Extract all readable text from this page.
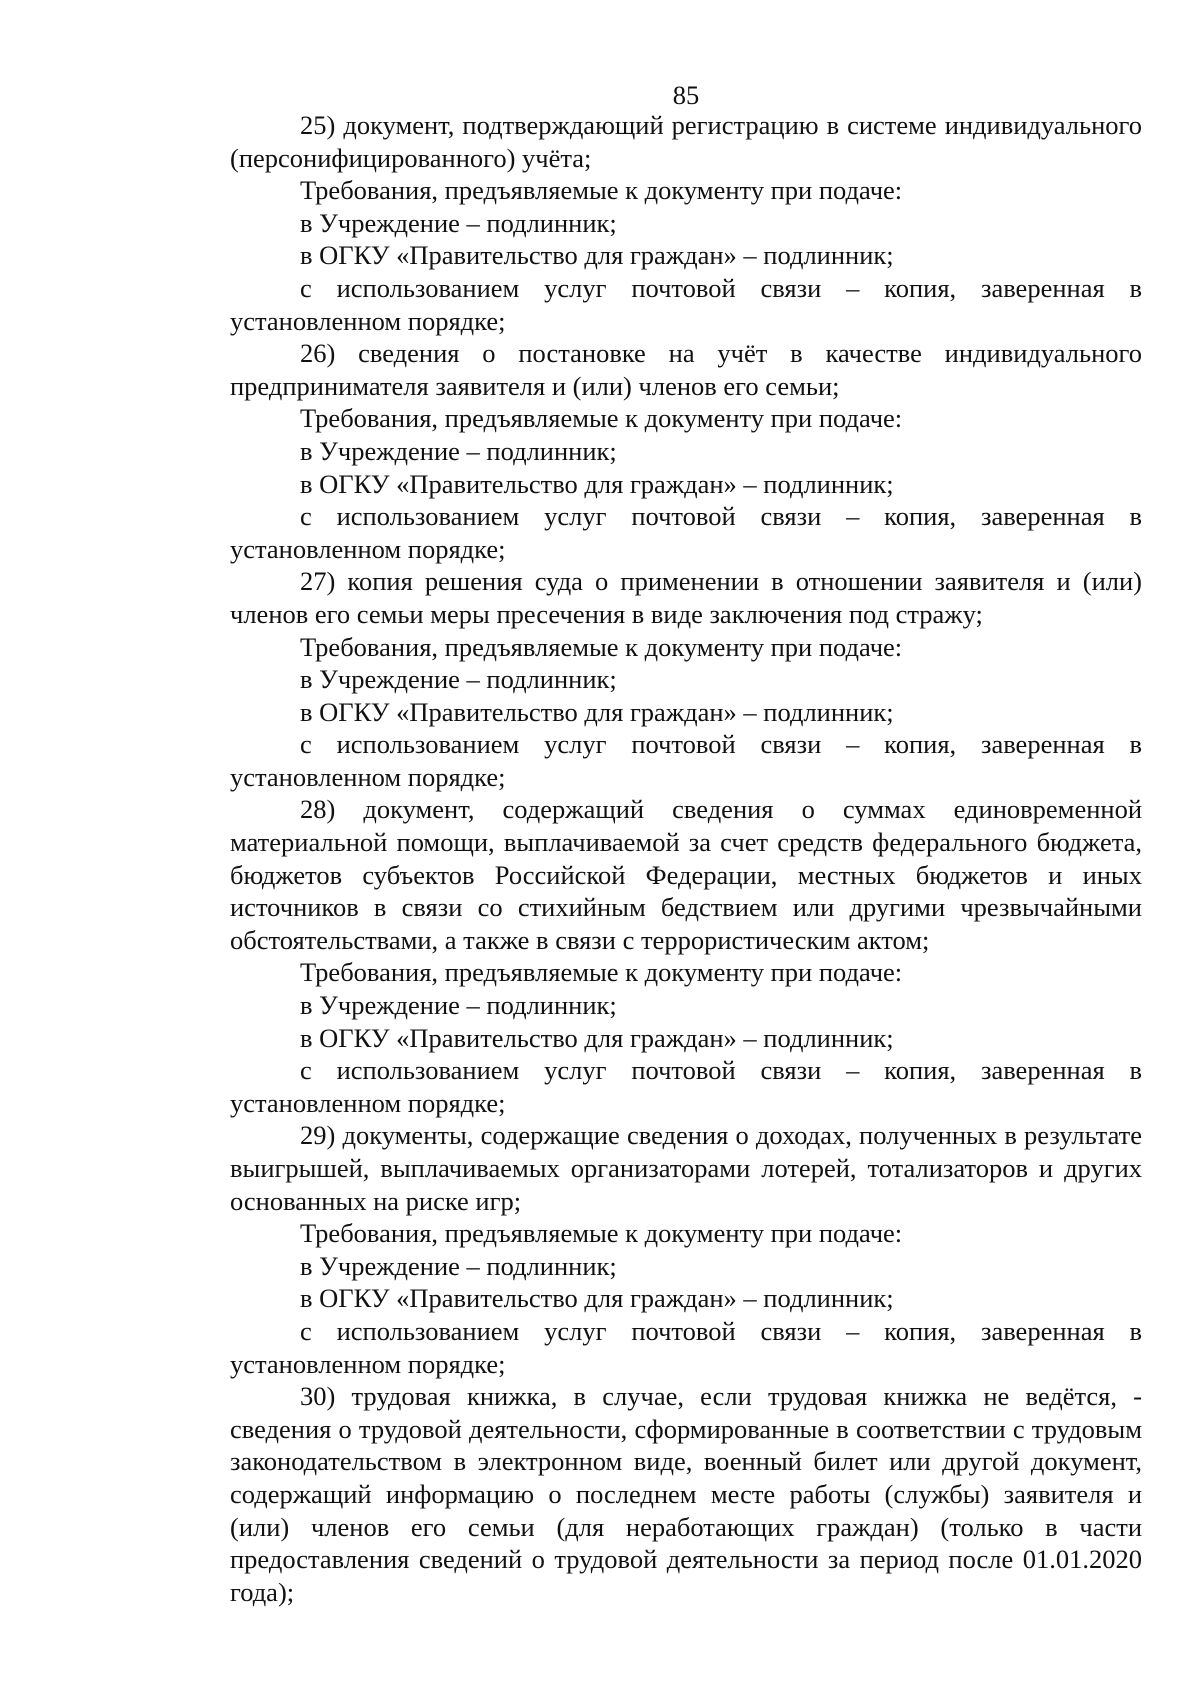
85

25) документ, подтверждающий регистрацию в системе индивидуального (персонифицированного) учёта;

Требования, предъявляемые к документу при подаче:

в Учреждение – подлинник;

в ОГКУ «Правительство для граждан» – подлинник;

с использованием услуг почтовой связи – копия, заверенная в установленном порядке;

26) сведения о постановке на учёт в качестве индивидуального предпринимателя заявителя и (или) членов его семьи;

Требования, предъявляемые к документу при подаче:

в Учреждение – подлинник;

в ОГКУ «Правительство для граждан» – подлинник;

с использованием услуг почтовой связи – копия, заверенная в установленном порядке;

27) копия решения суда о применении в отношении заявителя и (или) членов его семьи меры пресечения в виде заключения под стражу;

Требования, предъявляемые к документу при подаче:

в Учреждение – подлинник;

в ОГКУ «Правительство для граждан» – подлинник;

с использованием услуг почтовой связи – копия, заверенная в установленном порядке;

28) документ, содержащий сведения о суммах единовременной материальной помощи, выплачиваемой за счет средств федерального бюджета, бюджетов субъектов Российской Федерации, местных бюджетов и иных источников в связи со стихийным бедствием или другими чрезвычайными обстоятельствами, а также в связи с террористическим актом;

Требования, предъявляемые к документу при подаче:

в Учреждение – подлинник;

в ОГКУ «Правительство для граждан» – подлинник;

с использованием услуг почтовой связи – копия, заверенная в установленном порядке;

29) документы, содержащие сведения о доходах, полученных в результате выигрышей, выплачиваемых организаторами лотерей, тотализаторов и других основанных на риске игр;

Требования, предъявляемые к документу при подаче:

в Учреждение – подлинник;

в ОГКУ «Правительство для граждан» – подлинник;

с использованием услуг почтовой связи – копия, заверенная в установленном порядке;

30) трудовая книжка, в случае, если трудовая книжка не ведётся, - сведения о трудовой деятельности, сформированные в соответствии с трудовым законодательством в электронном виде, военный билет или другой документ, содержащий информацию о последнем месте работы (службы) заявителя и (или) членов его семьи (для неработающих граждан) (только в части предоставления сведений о трудовой деятельности за период после 01.01.2020 года);
